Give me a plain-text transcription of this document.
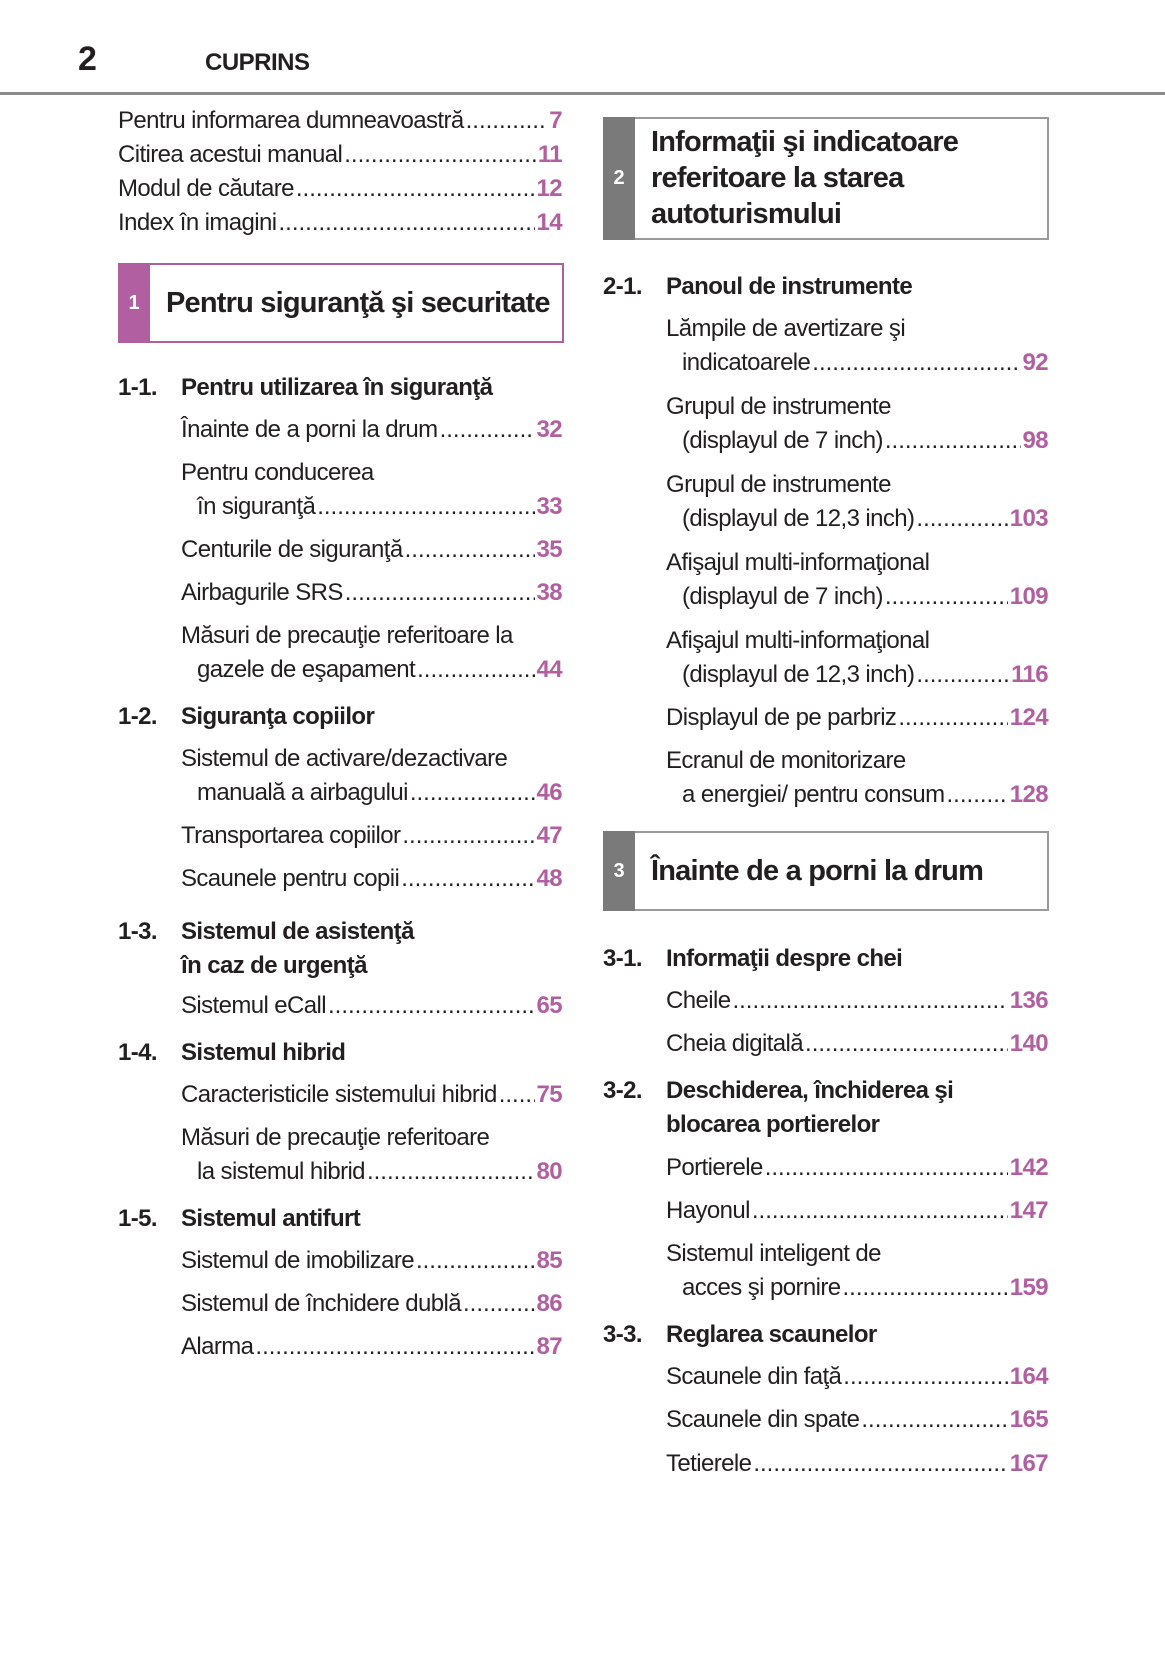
2	CUPRINS
Pentru informarea dumneavoastră .....	7
Citirea acestui manual .....	11
Modul de căutare .....	12
Index în imagini .....	14
1 Pentru siguranţă şi securitate
1-1. Pentru utilizarea în siguranţă
Înainte de a porni la drum .....	32
Pentru conducerea
în siguranţă .....	33
Centurile de siguranţă .....	35
Airbagurile SRS .....	38
Măsuri de precauţie referitoare la
gazele de eşapament .....	44
1-2. Siguranţa copiilor
Sistemul de activare/dezactivare
manuală a airbagului .....	46
Transportarea copiilor .....	47
Scaunele pentru copii .....	48
1-3. Sistemul de asistenţă
în caz de urgenţă
Sistemul eCall .....	65
1-4. Sistemul hibrid
Caracteristicile sistemului hibrid ..... 75
Măsuri de precauţie referitoare
la sistemul hibrid .....	80
1-5. Sistemul antifurt
Sistemul de imobilizare .....	85
Sistemul de închidere dublă .....	86
Alarma .....	87
2
Informaţii şi indicatoare
referitoare la starea
autoturismului
2-1. Panoul de instrumente
Lămpile de avertizare şi
indicatoarele .....	92
Grupul de instrumente
(displayul de 7 inch) .....	98
Grupul de instrumente
(displayul de 12,3 inch) .....	103
Afişajul multi-informaţional
(displayul de 7 inch) .....	109
Afişajul multi-informaţional
(displayul de 12,3 inch) .....	116
Displayul de pe parbriz .....	124
Ecranul de monitorizare
a energiei/ pentru consum .....	128
3 Înainte de a porni la drum
3-1. Informaţii despre chei
Cheile .....	136
Cheia digitală .....	140
3-2. Deschiderea, închiderea şi
blocarea portierelor
Portierele .....	142
Hayonul .....	147
Sistemul inteligent de
acces şi pornire .....	159
3-3. Reglarea scaunelor
Scaunele din faţă .....	164
Scaunele din spate .....	165
Tetierele .....	167
